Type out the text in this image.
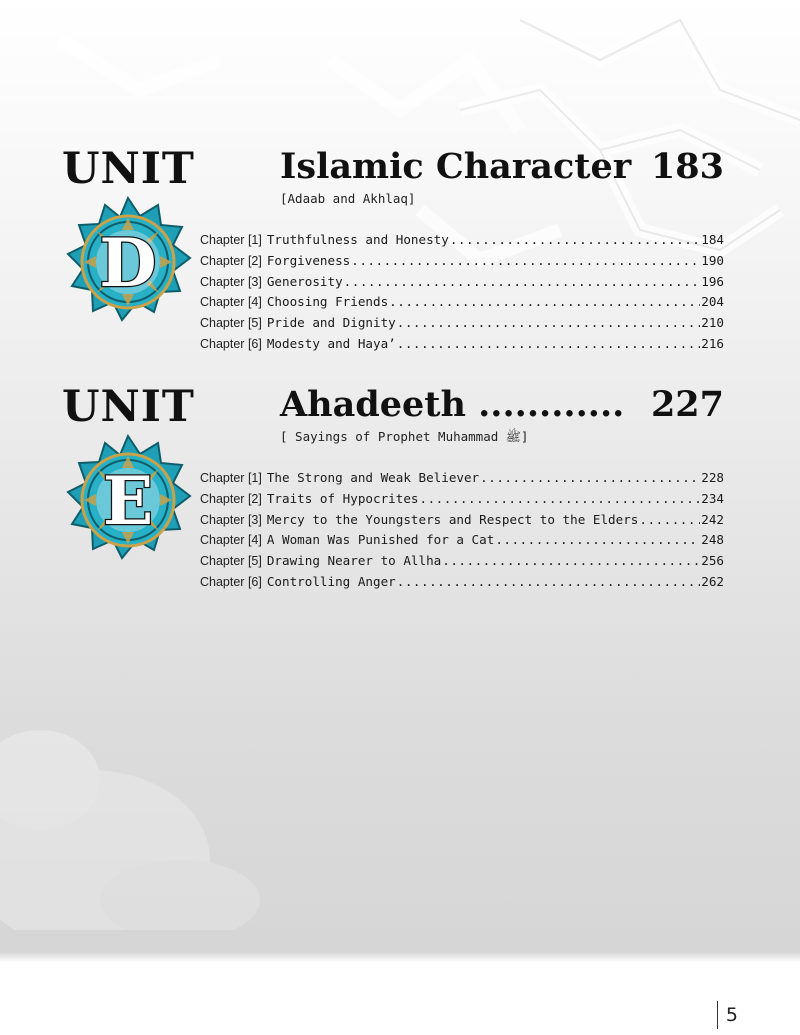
UNIT
D
Islamic Character 183
[Adaab and Akhlaq]
Chapter [1] Truthfulness and Honesty .....	184
Chapter [2] Forgiveness .....	190
Chapter [3] Generosity .....	196
Chapter [4] Choosing Friends .....	204
Chapter [5] Pride and Dignity .....	210
Chapter [6] Modesty and Haya’ .....	216
UNIT
E
Ahadeeth ............ 227
[ Sayings of Prophet Muhammad ﷺ]
Chapter [1] The Strong and Weak Believer .....	228
Chapter [2] Traits of Hypocrites .....	234
Chapter [3] Mercy to the Youngsters and Respect to the Elders .....	242
Chapter [4] A Woman Was Punished for a Cat .....	248
Chapter [5] Drawing Nearer to Allha .....	256
Chapter [6] Controlling Anger .....	262
5
